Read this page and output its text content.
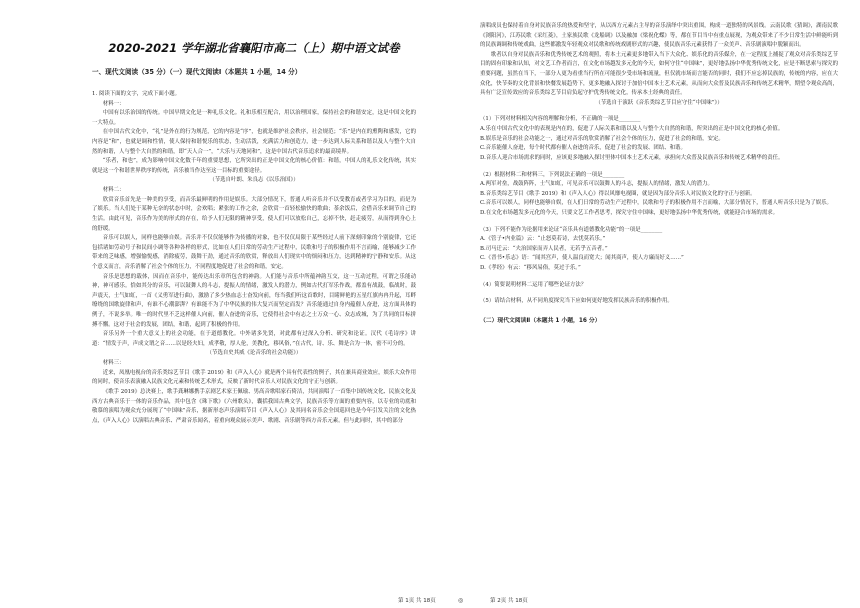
2020-2021 学年湖北省襄阳市高二（上）期中语文试卷
一、现代文阅读（35 分）（一）现代文阅读Ⅰ（本题共 1 小题，14 分）

1. 阅读下面的文字，完成下面小题。

材料一：

中国有以乐治国的传统。中国早期文化是一种礼乐文化。礼和乐相互配合，用以治理国家，保持社会的和谐安定，这是中国文化的一大特点。

在中国古代文化中，“礼”是外在的行为规范，它的内容是“序”，也就是维护社会秩序，社会规范；“乐”是内在的熏陶和感发，它的内容是“和”，也就是调和性情，使人保持和谐悦乐的状态，生动活泼，充满活力和创造力，进一步达到人际关系和谐以及人与整个大自然的和谐，人与整个大自然的和谐，即“天人合一”，“大乐与天地同和”，这是中国古代音乐追求的最高境界。

“乐者，和也”，成为影响中国文化数千年的重要思想，它所突出的正是中国文化的核心价值：和谐，中国人的礼乐文化传统，其实就是这一个和谐世界秩序的传统，音乐被当作达至这一目标的重要途径。

（节选自叶朗、朱良志《以乐治国》）

材料二：

欣赏音乐首先是一种美的享受，而音乐最鲜明的作用是娱乐。大部分情况下，普通人听音乐并不以受教育或者学习为目的，而是为了娱乐。当人们处于某种无奈的状态中时，会欢唱；紧张的工作之余，会欣赏一首轻松愉快的歌曲；茶余饭后，会借音乐来调节自己的生活。由此可见，音乐作为美的形式的存在，给予人们无限的精神享受，使人们可以放松自己，忘掉不快，赶走疲劳，从而得到身心上的舒缓。

音乐可以娱人，同样也能够自娱。音乐并不仅仅能够作为传播的对象，也不仅仅局限于某些经过人前下深刻印象的个别旋律，它还包括诸如劳动号子和民间小调等各种各样的形式，比如在人们日常的劳动生产过程中，民歌和号子的积极作用不言而喻，能够减少工作带来的乏味感，增强愉悦感，消除疲劳，鼓舞干劲，通过音乐的欣赏，释放出人们现实中的烦闷和压力，达到精神的宁静和安乐。从这个意义而言，音乐消解了社会个体的压力，不同程度地促进了社会的和谐，安定。

音乐是思想的载体，因而在音乐中，能传达出乐章所包含的神韵。人们能与音乐中所蕴神韵互交，这一互动过程，可谓之乐能动神，神可感乐。恰如其分的音乐，可以鼓舞人的斗志，提振人的情绪，激发人的潜力，例如古代打军乐作战，都盖有战鼓，临战时，鼓声震天，士气如虹，一首《义勇军进行曲》，激励了多少热血志士奋发向前，每当我们听这首歌时，目睹鲜艳的五星红旗冉冉升起，耳畔缭绕的国歌旋律和声，有谁不心潮澎湃？有谁能不为了中华民族的伟大复兴而坚定而发？音乐能通过自身内蕴催人奋进，这方面具体的例子，不说多举。唯一的时代里不乏这样催人向前，催人奋进的音乐，它使得社会中有志之士万众一心、众志成城，为了共同的目标拼搏不懈。这对于社会的发展，团结，和谐，起到了积极的作用。

音乐另外一个重大意义上的社会功能，在于道德教化。中外诸多先贤，对此都有过深入分析、研究和论证。汉代《毛诗序》讲道：“情发于声，声成文谓之音……以是经夫妇，成孝敬，厚人伦，美教化，移风俗，”在古代，诗、乐、舞是合为一体，密不可分的。

（节选自史其威《论音乐的社会功能》）

材料三：

近来，凤凰电视台的音乐类综艺节目《歌手 2019》和《声入人心》就是两个具有代表性的例子，其在兼具商业效应，娱乐大众作用的同时，使音乐表演融入民族文化元素和传统艺术形式，反映了新时代音乐人对民族文化的守正与创新。

《歌手 2019》总决赛上，歌手龚琳娜携手京剧艺术家王佩瑜、男高音歌唱家石倚洁，共同演唱了一首集中国传统文化、民族文化及西方古典音乐于一体的音乐作品，其中包含《珠下歌》《六州歌头》，囊括我国古典文学，民族音乐等方面的重要内容，以专业的功底和敬慕的演唱为观众充分展现了“中国味”音乐，据新形态声乐演唱节目《声入人心》及其同名音乐会全国巡回也是今年引发关注的文化热点，《声入人心》以演唱古典音乐、严肃音乐闻名，着重向观众展示美声、歌剧、音乐剧等西方音乐元素。但与此同时，其中的部分

演唱成员也保持着自身对民族音乐的热爱和坚守，从以西方元素占主导的音乐演绎中突出重围，构成一道独特的风景线。云南民歌《猜调》，湖南民歌《浏阳河》，江苏民歌《采红菱》，土家族民歌《龙船调》以及融加《梁祝化蝶》等，都在节目当中有重点展现，为观众带来了不少日常生活中鲜能听到的民族调调和传统戏曲，这些都激发年轻观众对民歌和传统戏剧形式的兴趣，使民族音乐元素获得了一众美声、音乐剧演唱中脱颖而出。

歌者以自身对民族音乐和优秀传统艺术的观照，将本土元素更多地带入当下大众化、娱乐化的音乐媒介，在一定程度上捕捉了观众对音乐类综艺节目的固有印象和认知，对文艺工作者而言，在文化市场越发多元化的今天，如何守住“中国味”，更好地弘扬中华优秀传统文化，应是不断思索与探究的重要问题，虽然在当下，一部分人更为看重当行所在可能很少受市场和流量，但仅就市场而言能否的同时，我们不应忘掉民族的，传统的内容，应在大众化，快节奏的文化背景和快餐发展趋势下，更多地融入探讨于加倍中国本土艺术元素，从而向大众普及民族音乐和传统艺术精华，期望令观众高尚，具有广泛宣传效应的音乐类综艺节目肩负起守护优秀传统文化，传承本土经典的责任。

（节选自于演跃《音乐类综艺节目应守住“中国味”》）

（1）下列对材料相关内容的理解和分析，不正确的一项是________

A.乐在中国古代文化中的表现是内在的，促进了人际关系和谐以及人与整个大自然的和谐，所突出的正是中国文化的核心价值。

B.娱乐是音乐的社会功能之一，通过对音乐的欣赏消解了社会个体的压力，促进了社会的和谐，安定。

C.音乐能催人奋进，每个时代都有催人奋进的音乐，促进了社会的发展、团结、和谐。

D.音乐人迎合市场需求的同时，应该更多地融入探讨里体中国本土艺术元素，承担向大众普及民族音乐和传统艺术精华的责任。

（2）根据材料二和材料三，下列说法正确的一项是________

A.两军对垒，战鼓阵阵，士气如虹，可见音乐可以鼓舞人的斗志，提振人的情绪，激发人的潜力。

B.音乐类综艺节目《歌手 2019》和《声入人心》得以风靡电视圈，就是因为部分音乐人对民族文化的守正与创新。

C.音乐可以娱人，同样也能够自娱，在人们日常的劳动生产过程中，民歌和号子的积极作用不言而喻，大部分情况下，普通人听音乐只是为了娱乐。

D.在文化市场越发多元化的今天，只要文艺工作者思考，探究守住中国味，更好地弘扬中华优秀传统，就能迎合市场的需求。

（3）下列不能作为论据用来论证“音乐具有道德教化功能”的一项是________

A.《管子•内业篇》云：“止怒莫若诗，去忧莫若乐。”

B.司马迁云：“夫治国家而弄人民者，无若乎五音者。”

C.《晋书•乐志》语：“闻其宫声，使人温良而宽大；闻其商声，使人方廉而好义……”

D.《孝经》有云：“移风易俗，莫过于乐。”

（4）简要说明材料二运用了哪些论证方法？

（5）请结合材料，从不同角度探究当下应如何更好地发挥民族音乐的积极作用。

（二）现代文阅读Ⅱ（本题共 1 小题，16 分）
第 1页 共 18页	◎	第 2页 共 18页
